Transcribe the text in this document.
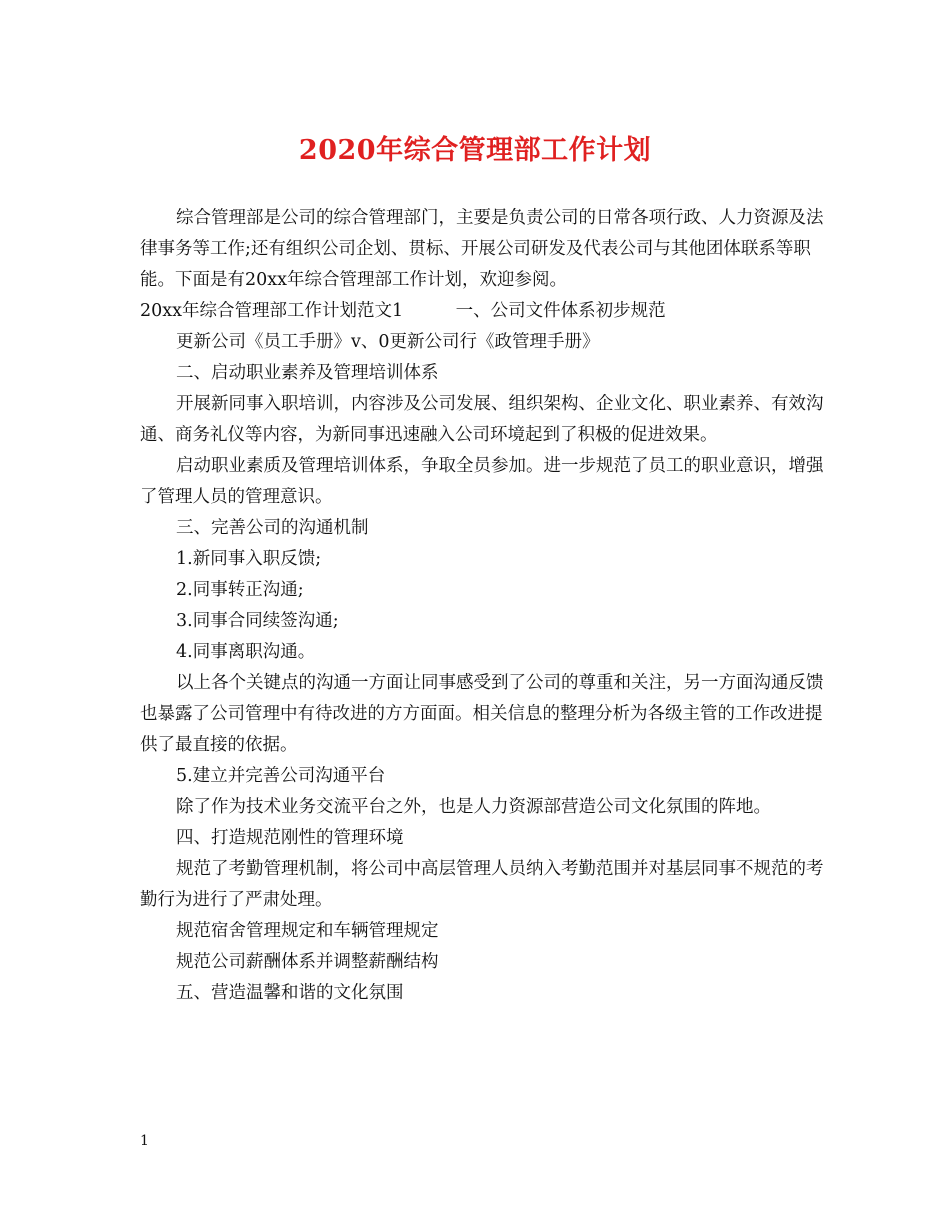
2020年综合管理部工作计划

综合管理部是公司的综合管理部门，主要是负责公司的日常各项行政、人力资源及法律事务等工作;还有组织公司企划、贯标、开展公司研发及代表公司与其他团体联系等职能。下面是有20xx年综合管理部工作计划，欢迎参阅。

20xx年综合管理部工作计划范文1　　　一、公司文件体系初步规范

更新公司《员工手册》v、0更新公司行《政管理手册》

二、启动职业素养及管理培训体系

开展新同事入职培训，内容涉及公司发展、组织架构、企业文化、职业素养、有效沟通、商务礼仪等内容，为新同事迅速融入公司环境起到了积极的促进效果。

启动职业素质及管理培训体系，争取全员参加。进一步规范了员工的职业意识，增强了管理人员的管理意识。

三、完善公司的沟通机制

1.新同事入职反馈;

2.同事转正沟通;

3.同事合同续签沟通;

4.同事离职沟通。

以上各个关键点的沟通一方面让同事感受到了公司的尊重和关注，另一方面沟通反馈也暴露了公司管理中有待改进的方方面面。相关信息的整理分析为各级主管的工作改进提供了最直接的依据。

5.建立并完善公司沟通平台

除了作为技术业务交流平台之外，也是人力资源部营造公司文化氛围的阵地。

四、打造规范刚性的管理环境

规范了考勤管理机制，将公司中高层管理人员纳入考勤范围并对基层同事不规范的考勤行为进行了严肃处理。

规范宿舍管理规定和车辆管理规定

规范公司薪酬体系并调整薪酬结构

五、营造温馨和谐的文化氛围

1
